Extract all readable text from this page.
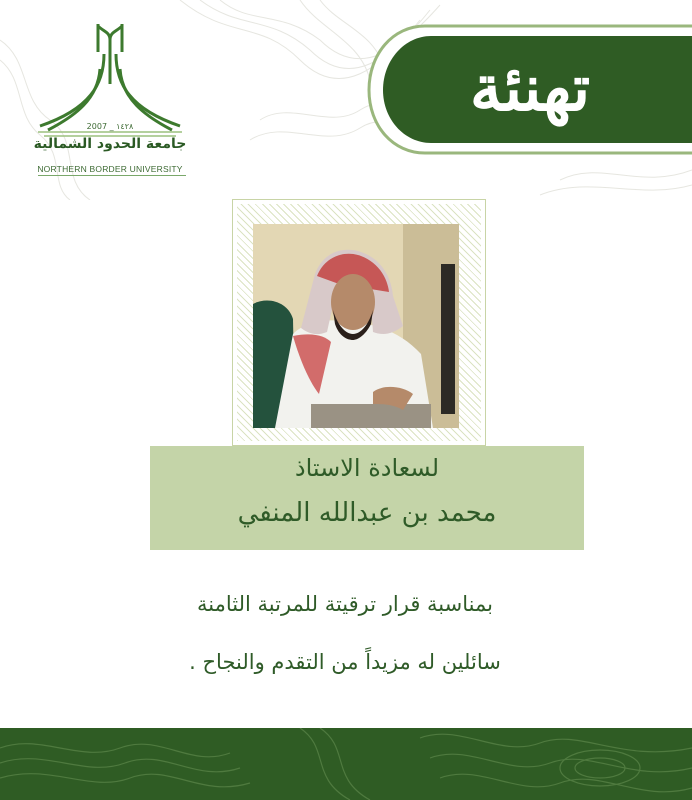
2007 _ ١٤٢٨
جامعة الحدود الشمالية
NORTHERN BORDER UNIVERSITY
تهنئة
لسعادة الاستاذ
محمد بن عبدالله المنفي
بمناسبة قرار ترقيتة للمرتبة الثامنة
سائلين له مزيداً من التقدم والنجاح .
